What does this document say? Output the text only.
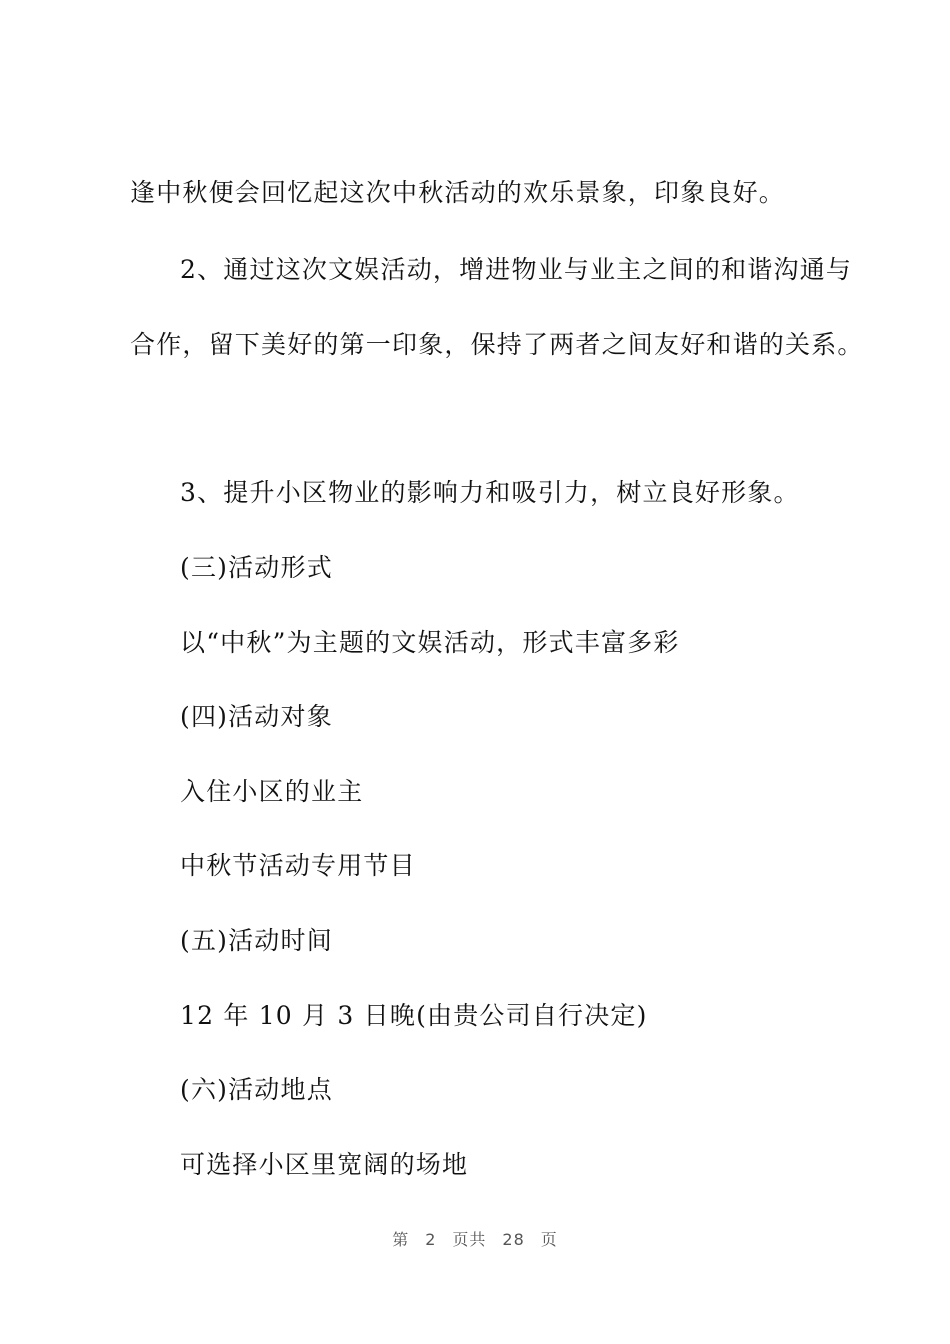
逢中秋便会回忆起这次中秋活动的欢乐景象，印象良好。
2、通过这次文娱活动，增进物业与业主之间的和谐沟通与
合作，留下美好的第一印象，保持了两者之间友好和谐的关系。
3、提升小区物业的影响力和吸引力，树立良好形象。
(三)活动形式
以“中秋”为主题的文娱活动，形式丰富多彩
(四)活动对象
入住小区的业主
中秋节活动专用节目
(五)活动时间
12 年 10 月 3 日晚(由贵公司自行决定)
(六)活动地点
可选择小区里宽阔的场地
第 2 页共 28 页
